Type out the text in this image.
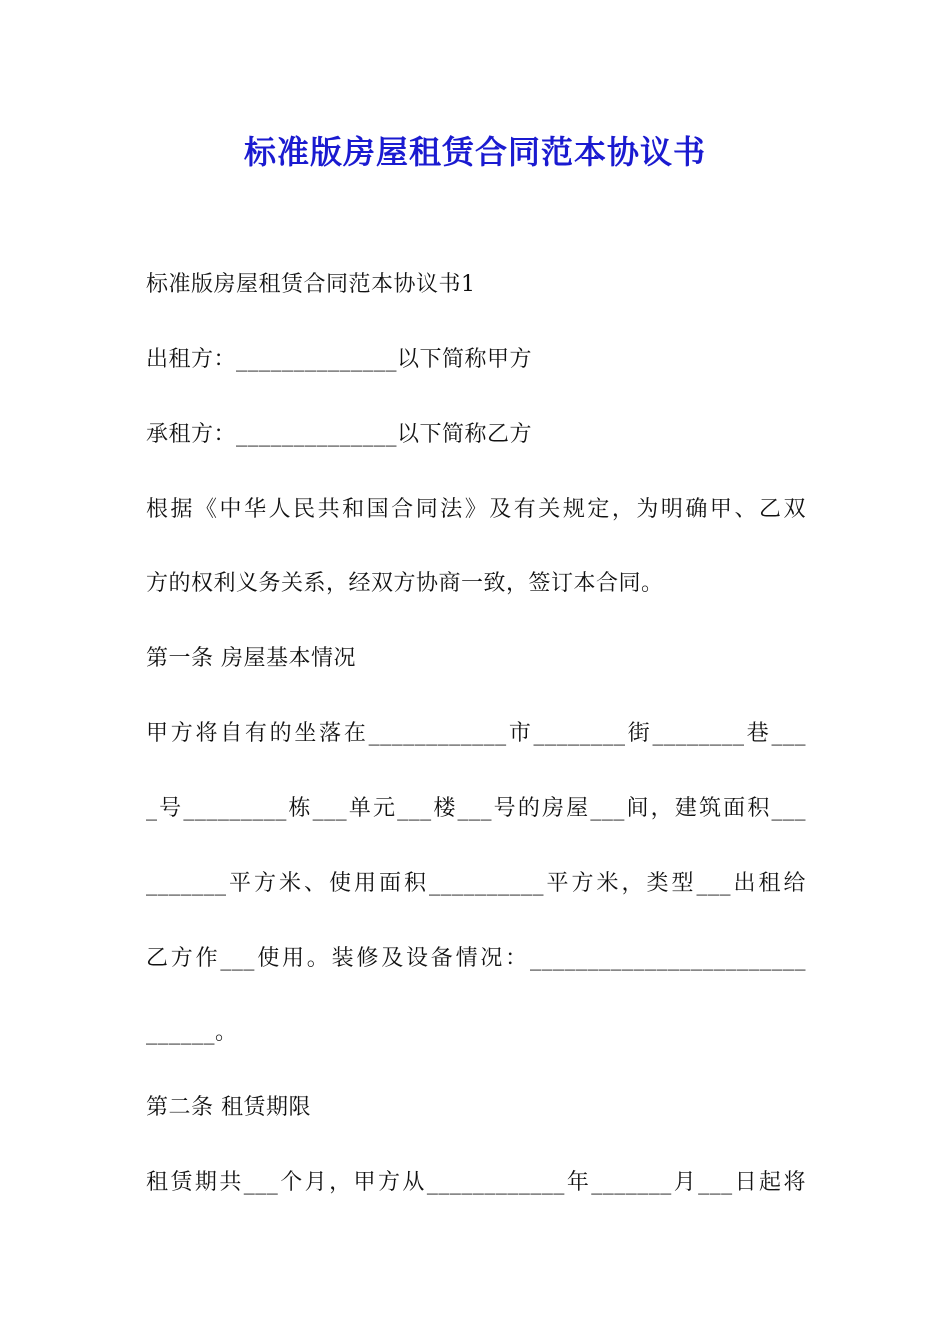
标准版房屋租赁合同范本协议书
标准版房屋租赁合同范本协议书1
出租方：______________以下简称甲方
承租方：______________以下简称乙方
根据《中华人民共和国合同法》及有关规定，为明确甲、乙双
方的权利义务关系，经双方协商一致，签订本合同。
第一条 房屋基本情况
甲方将自有的坐落在____________市________街________巷___
_号_________栋___单元___楼___号的房屋___间，建筑面积___
_______平方米、使用面积__________平方米，类型___出租给
乙方作___使用。装修及设备情况：________________________
______。
第二条 租赁期限
租赁期共___个月，甲方从____________年_______月___日起将
